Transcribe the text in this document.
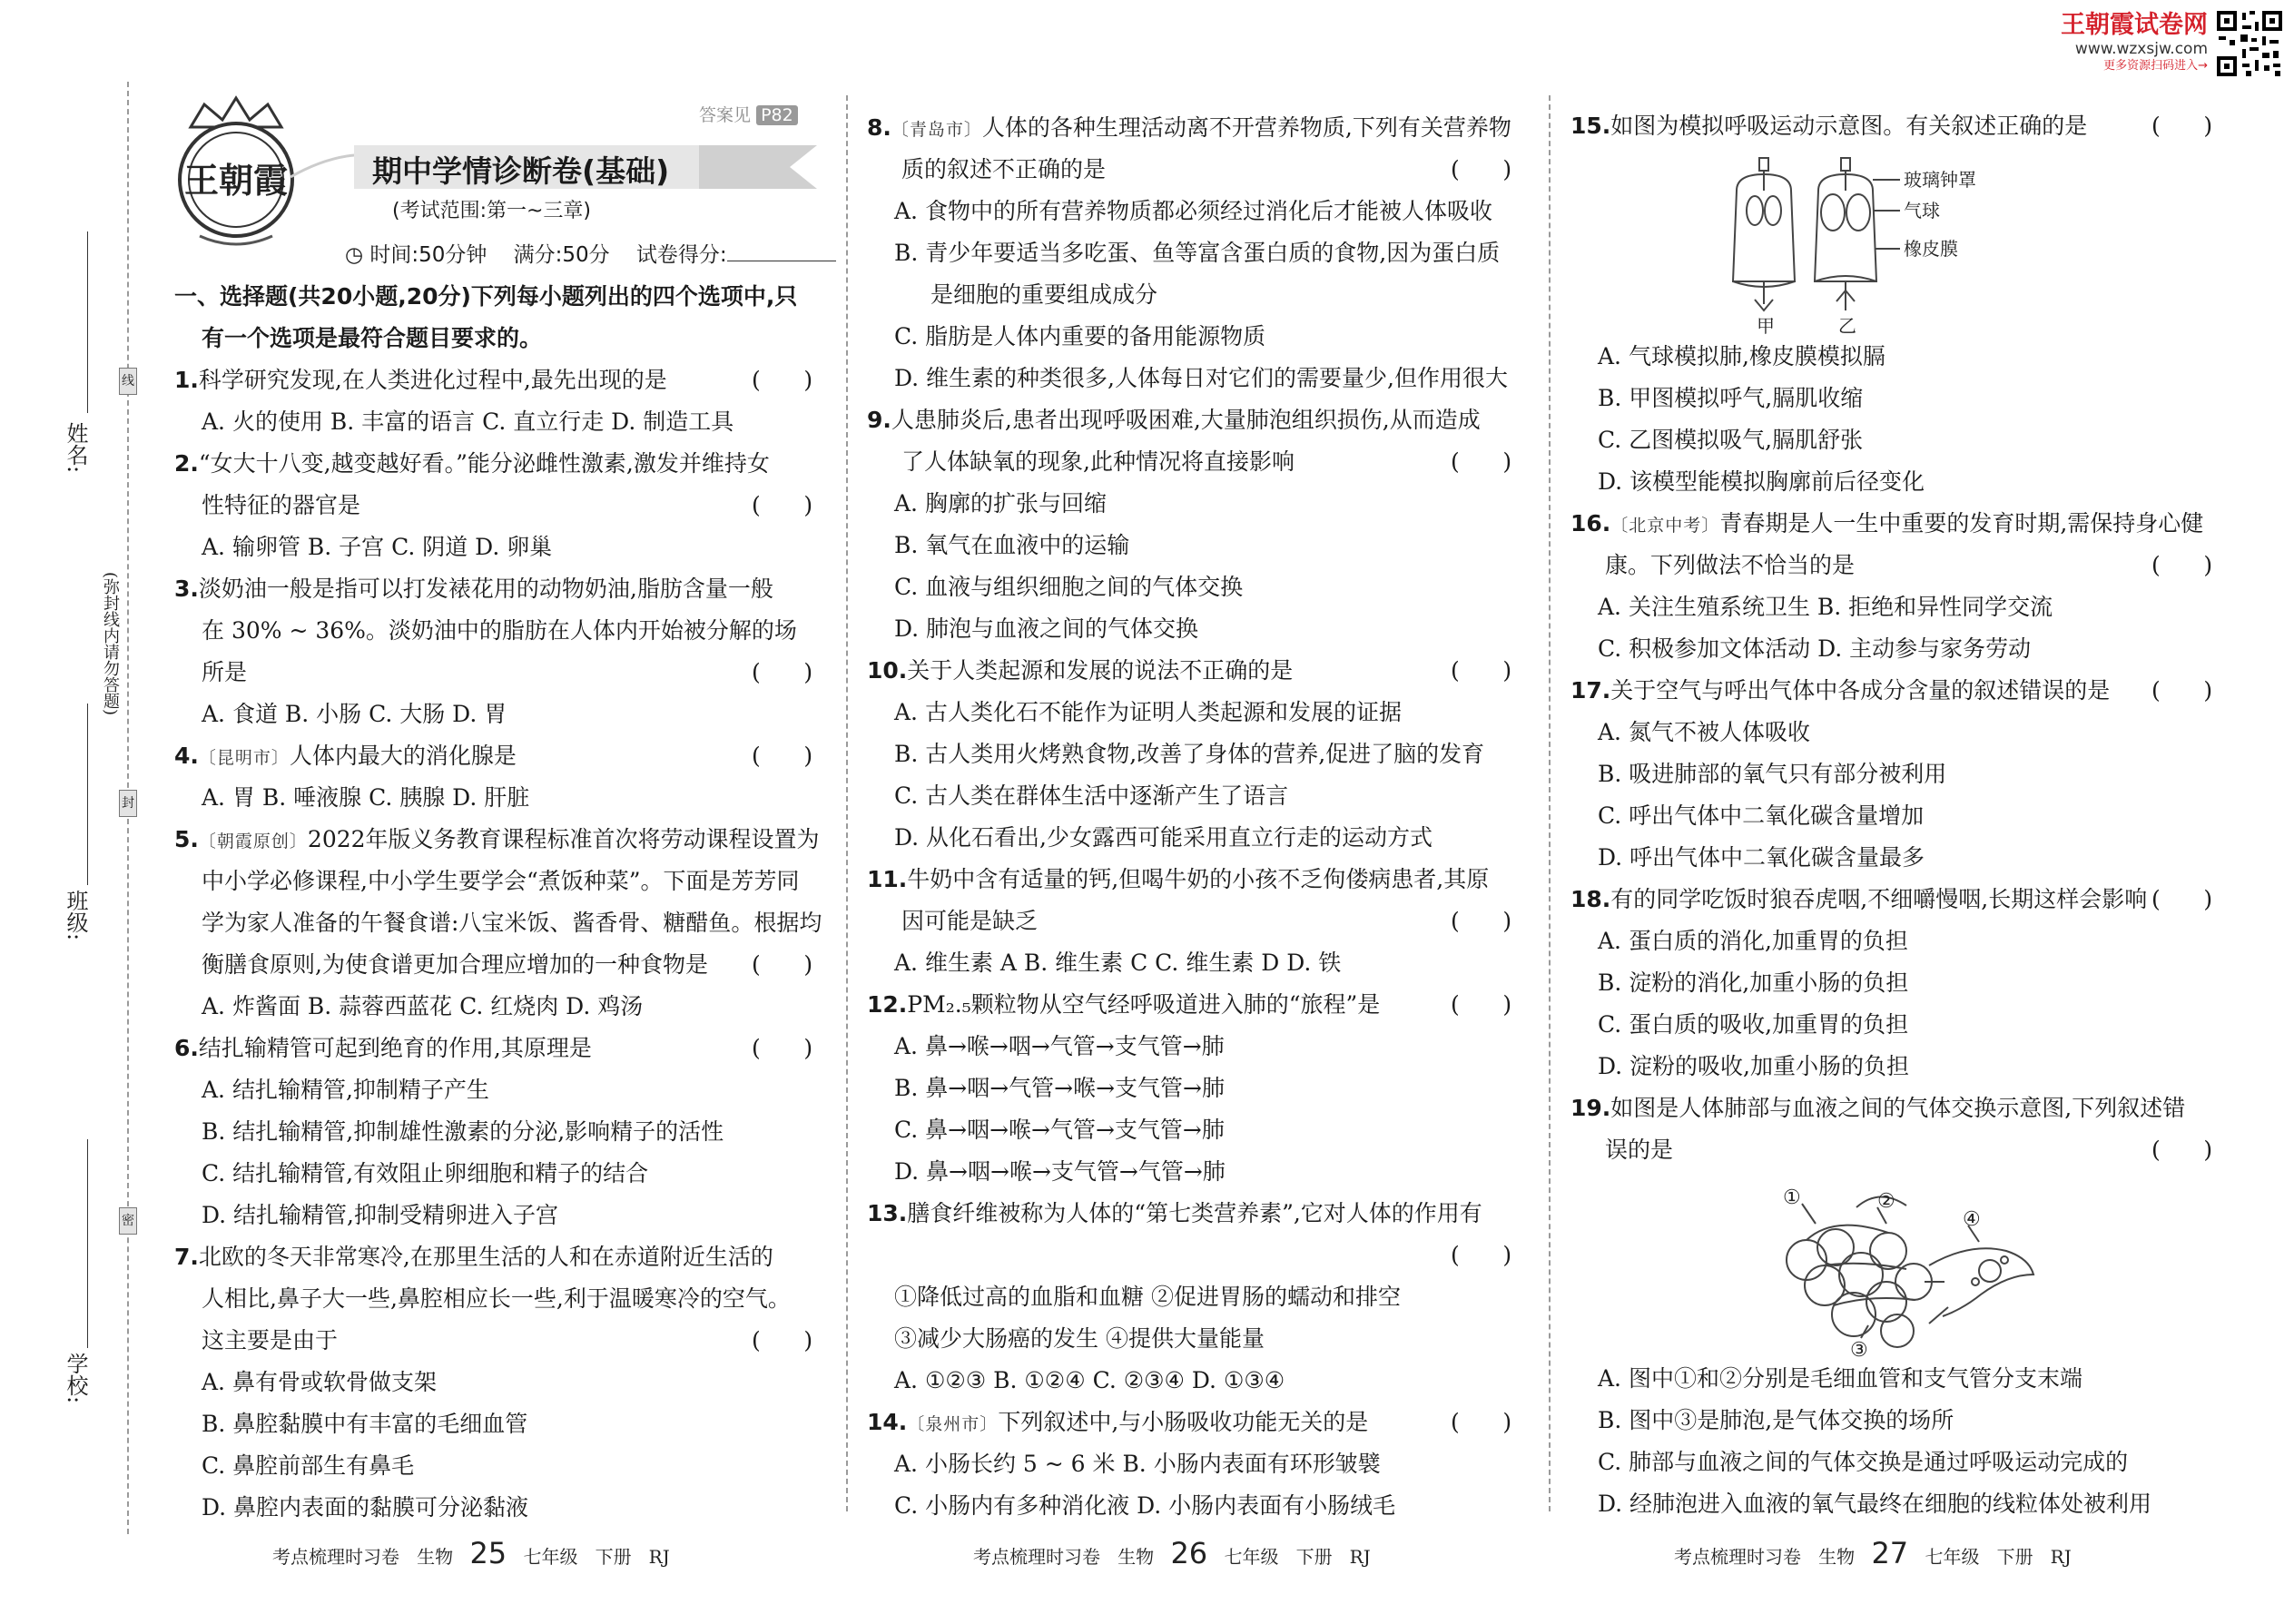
王朝霞试卷网
www.wzxsjw.com
更多资源扫码进入→
王朝霞
答案见 P82
期中学情诊断卷(基础)
(考试范围:第一~三章)
◷ 时间:50分钟 满分:50分 试卷得分:
姓名:
班级:
学校:
(弥封线内请勿答题)
线
封
密
一、选择题(共20小题,20分)下列每小题列出的四个选项中,只
有一个选项是最符合题目要求的。
1.科学研究发现,在人类进化过程中,最先出现的是	(      )
A. 火的使用 B. 丰富的语言 C. 直立行走 D. 制造工具
2.“女大十八变,越变越好看。”能分泌雌性激素,激发并维持女
性特征的器官是	(      )
A. 输卵管 B. 子宫 C. 阴道 D. 卵巢
3.淡奶油一般是指可以打发裱花用的动物奶油,脂肪含量一般
在 30% ~ 36%。淡奶油中的脂肪在人体内开始被分解的场
所是	(      )
A. 食道 B. 小肠 C. 大肠 D. 胃
4.〔昆明市〕人体内最大的消化腺是	(      )
A. 胃 B. 唾液腺 C. 胰腺 D. 肝脏
5.〔朝霞原创〕2022年版义务教育课程标准首次将劳动课程设置为
中小学必修课程,中小学生要学会“煮饭种菜”。下面是芳芳同
学为家人准备的午餐食谱:八宝米饭、酱香骨、糖醋鱼。根据均
衡膳食原则,为使食谱更加合理应增加的一种食物是 (      )
A. 炸酱面 B. 蒜蓉西蓝花 C. 红烧肉 D. 鸡汤
6.结扎输精管可起到绝育的作用,其原理是	(      )
A. 结扎输精管,抑制精子产生
B. 结扎输精管,抑制雄性激素的分泌,影响精子的活性
C. 结扎输精管,有效阻止卵细胞和精子的结合
D. 结扎输精管,抑制受精卵进入子宫
7.北欧的冬天非常寒冷,在那里生活的人和在赤道附近生活的
人相比,鼻子大一些,鼻腔相应长一些,利于温暖寒冷的空气。
这主要是由于	(      )
A. 鼻有骨或软骨做支架
B. 鼻腔黏膜中有丰富的毛细血管
C. 鼻腔前部生有鼻毛
D. 鼻腔内表面的黏膜可分泌黏液
8.〔青岛市〕人体的各种生理活动离不开营养物质,下列有关营养物
质的叙述不正确的是	(      )
A. 食物中的所有营养物质都必须经过消化后才能被人体吸收
B. 青少年要适当多吃蛋、鱼等富含蛋白质的食物,因为蛋白质
是细胞的重要组成成分
C. 脂肪是人体内重要的备用能源物质
D. 维生素的种类很多,人体每日对它们的需要量少,但作用很大
9.人患肺炎后,患者出现呼吸困难,大量肺泡组织损伤,从而造成
了人体缺氧的现象,此种情况将直接影响	(      )
A. 胸廓的扩张与回缩
B. 氧气在血液中的运输
C. 血液与组织细胞之间的气体交换
D. 肺泡与血液之间的气体交换
10.关于人类起源和发展的说法不正确的是	(      )
A. 古人类化石不能作为证明人类起源和发展的证据
B. 古人类用火烤熟食物,改善了身体的营养,促进了脑的发育
C. 古人类在群体生活中逐渐产生了语言
D. 从化石看出,少女露西可能采用直立行走的运动方式
11.牛奶中含有适量的钙,但喝牛奶的小孩不乏佝偻病患者,其原
因可能是缺乏	(      )
A. 维生素 A B. 维生素 C C. 维生素 D D. 铁
12.PM₂.₅颗粒物从空气经呼吸道进入肺的“旅程”是	(      )
A. 鼻→喉→咽→气管→支气管→肺
B. 鼻→咽→气管→喉→支气管→肺
C. 鼻→咽→喉→气管→支气管→肺
D. 鼻→咽→喉→支气管→气管→肺
13.膳食纤维被称为人体的“第七类营养素”,它对人体的作用有
(      )
①降低过高的血脂和血糖 ②促进胃肠的蠕动和排空
③减少大肠癌的发生 ④提供大量能量
A. ①②③ B. ①②④ C. ②③④ D. ①③④
14.〔泉州市〕下列叙述中,与小肠吸收功能无关的是	(      )
A. 小肠长约 5 ~ 6 米 B. 小肠内表面有环形皱襞
C. 小肠内有多种消化液 D. 小肠内表面有小肠绒毛
15.如图为模拟呼吸运动示意图。有关叙述正确的是	(      )
A. 气球模拟肺,橡皮膜模拟膈
B. 甲图模拟呼气,膈肌收缩
C. 乙图模拟吸气,膈肌舒张
D. 该模型能模拟胸廓前后径变化
16.〔北京中考〕青春期是人一生中重要的发育时期,需保持身心健
康。下列做法不恰当的是	(      )
A. 关注生殖系统卫生 B. 拒绝和异性同学交流
C. 积极参加文体活动 D. 主动参与家务劳动
17.关于空气与呼出气体中各成分含量的叙述错误的是 (      )
A. 氮气不被人体吸收
B. 吸进肺部的氧气只有部分被利用
C. 呼出气体中二氧化碳含量增加
D. 呼出气体中二氧化碳含量最多
18.有的同学吃饭时狼吞虎咽,不细嚼慢咽,长期这样会影响 (      )
A. 蛋白质的消化,加重胃的负担
B. 淀粉的消化,加重小肠的负担
C. 蛋白质的吸收,加重胃的负担
D. 淀粉的吸收,加重小肠的负担
19.如图是人体肺部与血液之间的气体交换示意图,下列叙述错
误的是	(      )
A. 图中①和②分别是毛细血管和支气管分支末端
B. 图中③是肺泡,是气体交换的场所
C. 肺部与血液之间的气体交换是通过呼吸运动完成的
D. 经肺泡进入血液的氧气最终在细胞的线粒体处被利用
玻璃钟罩
气球
橡皮膜
甲	乙
①	②
④
③
考点梳理时习卷 生物 25 七年级 下册 RJ	考点梳理时习卷 生物 26 七年级 下册 RJ	考点梳理时习卷 生物 27 七年级 下册 RJ
